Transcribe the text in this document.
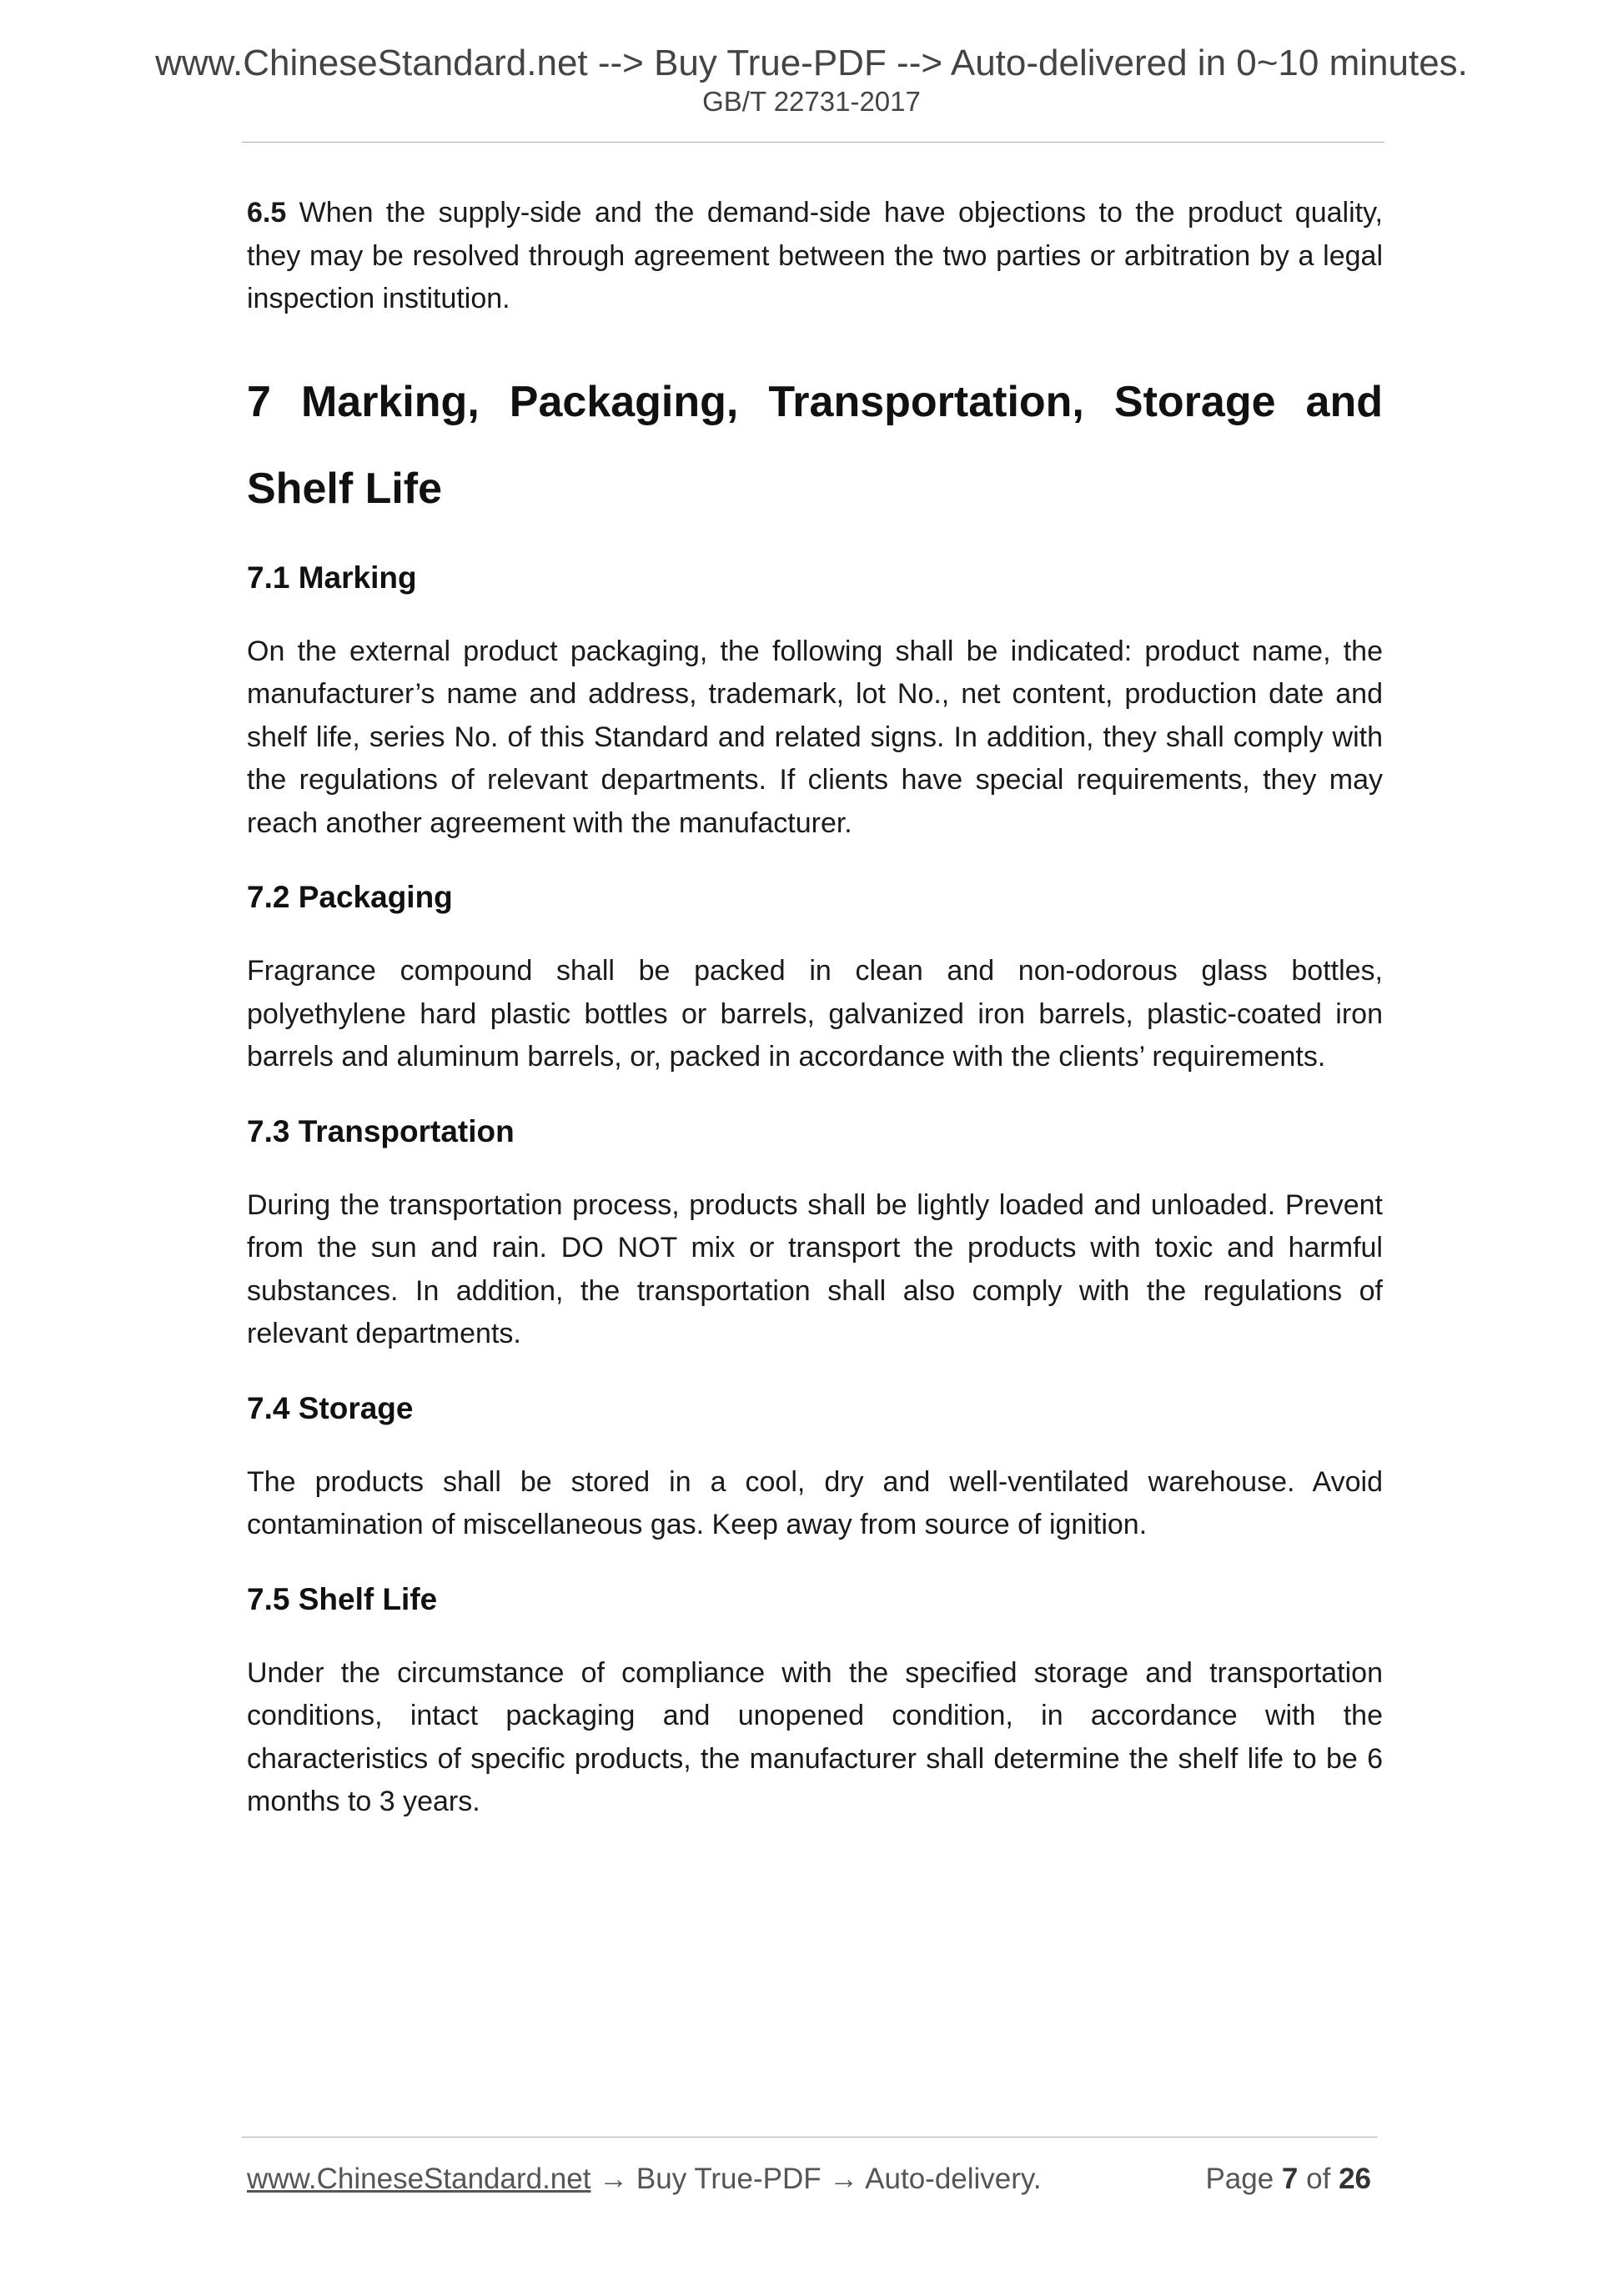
www.ChineseStandard.net --> Buy True-PDF --> Auto-delivered in 0~10 minutes.
GB/T 22731-2017

6.5 When the supply-side and the demand-side have objections to the product quality, they may be resolved through agreement between the two parties or arbitration by a legal inspection institution.

7 Marking, Packaging, Transportation, Storage and Shelf Life
7.1 Marking

On the external product packaging, the following shall be indicated: product name, the manufacturer’s name and address, trademark, lot No., net content, production date and shelf life, series No. of this Standard and related signs. In addition, they shall comply with the regulations of relevant departments. If clients have special requirements, they may reach another agreement with the manufacturer.

7.2 Packaging

Fragrance compound shall be packed in clean and non-odorous glass bottles, polyethylene hard plastic bottles or barrels, galvanized iron barrels, plastic-coated iron barrels and aluminum barrels, or, packed in accordance with the clients’ requirements.

7.3 Transportation

During the transportation process, products shall be lightly loaded and unloaded. Prevent from the sun and rain. DO NOT mix or transport the products with toxic and harmful substances. In addition, the transportation shall also comply with the regulations of relevant departments.

7.4 Storage

The products shall be stored in a cool, dry and well-ventilated warehouse. Avoid contamination of miscellaneous gas. Keep away from source of ignition.

7.5 Shelf Life

Under the circumstance of compliance with the specified storage and transportation conditions, intact packaging and unopened condition, in accordance with the characteristics of specific products, the manufacturer shall determine the shelf life to be 6 months to 3 years.

www.ChineseStandard.net → Buy True-PDF → Auto-delivery.	Page 7 of 26
